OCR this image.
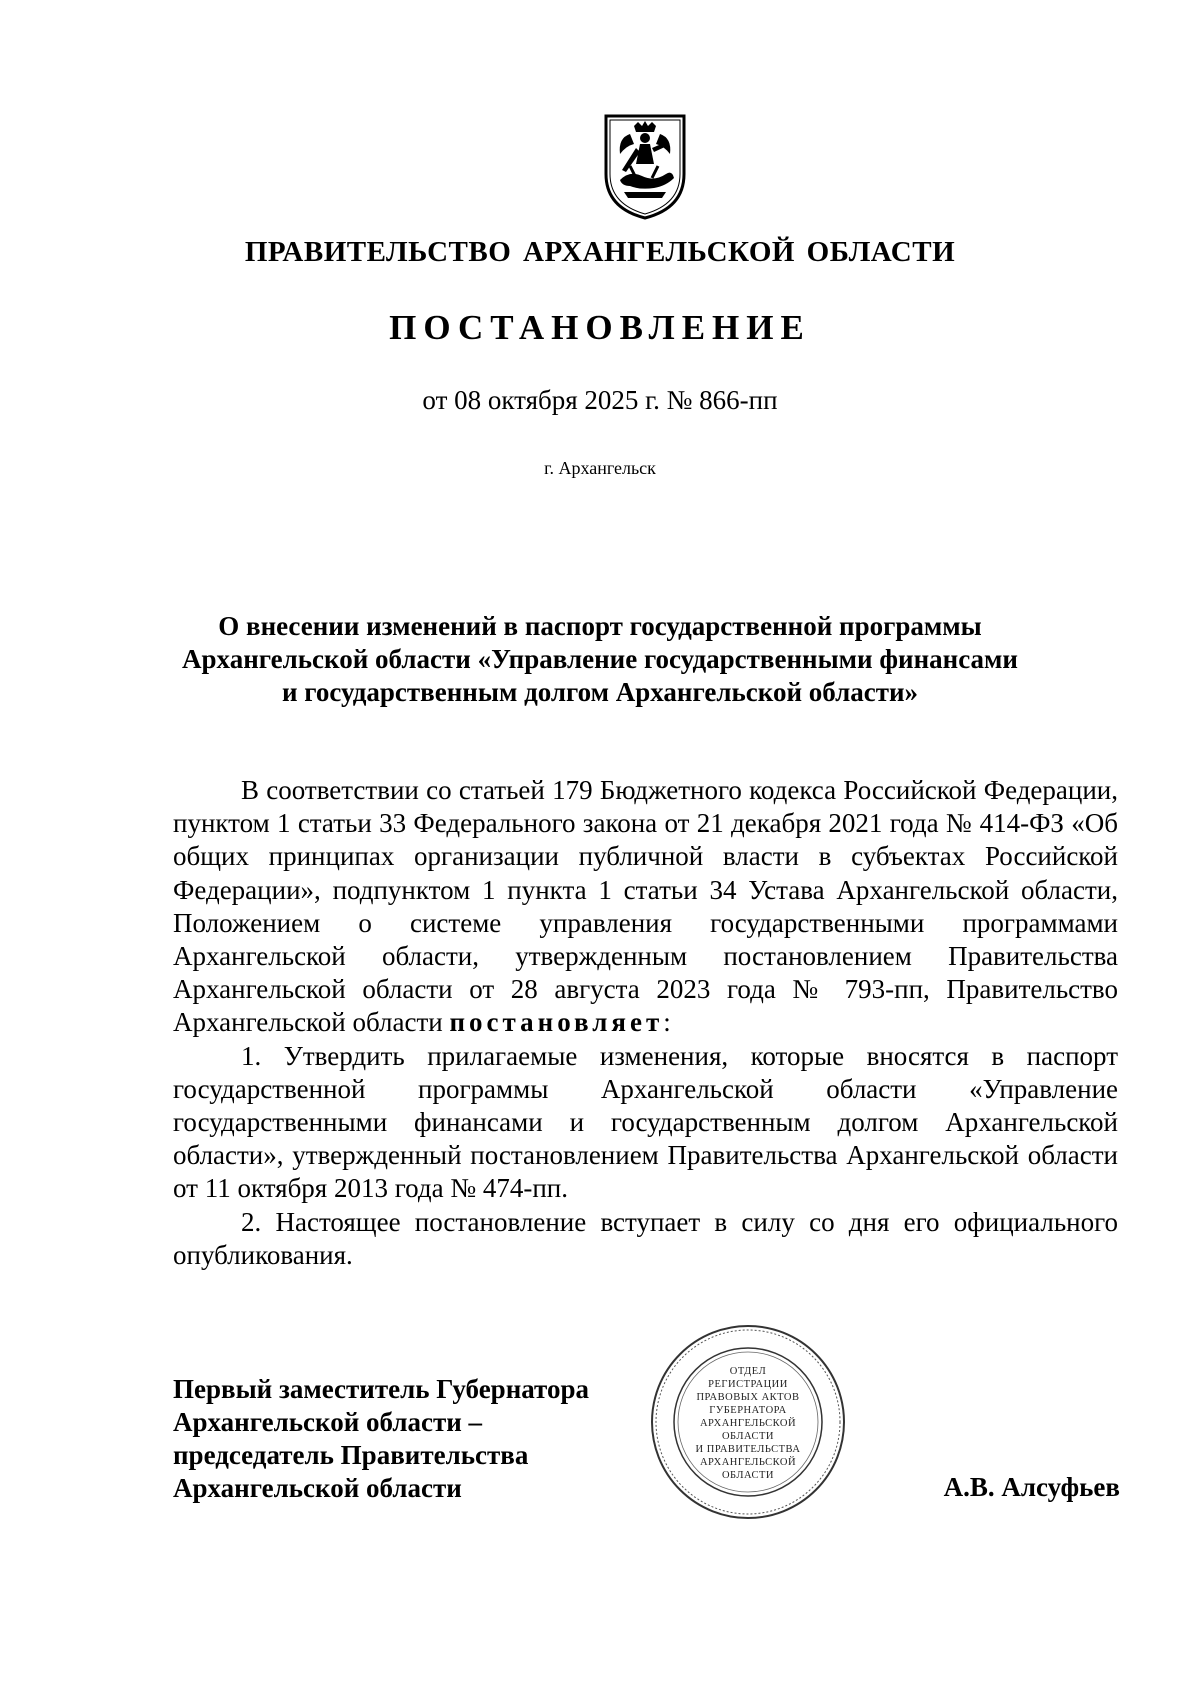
ПРАВИТЕЛЬСТВО АРХАНГЕЛЬСКОЙ ОБЛАСТИ
ПОСТАНОВЛЕНИЕ
от 08 октября 2025 г. № 866-пп
г. Архангельск
О внесении изменений в паспорт государственной программы
Архангельской области «Управление государственными финансами
и государственным долгом Архангельской области»

В соответствии со статьей 179 Бюджетного кодекса Российской Федерации, пунктом 1 статьи 33 Федерального закона от 21 декабря 2021 года № 414-ФЗ «Об общих принципах организации публичной власти в субъектах Российской Федерации», подпунктом 1 пункта 1 статьи 34 Устава Архангельской области, Положением о системе управления государственными программами Архангельской области, утвержденным постановлением Правительства Архангельской области от 28 августа 2023 года № 793-пп, Правительство Архангельской области постановляет:

1. Утвердить прилагаемые изменения, которые вносятся в паспорт государственной программы Архангельской области «Управление государственными финансами и государственным долгом Архангельской области», утвержденный постановлением Правительства Архангельской области от 11 октября 2013 года № 474-пп.

2. Настоящее постановление вступает в силу со дня его официального опубликования.

Первый заместитель Губернатора
Архангельской области –
председатель Правительства
Архангельской области
ОТДЕЛ
РЕГИСТРАЦИИ
ПРАВОВЫХ АКТОВ
ГУБЕРНАТОРА
АРХАНГЕЛЬСКОЙ
ОБЛАСТИ
И ПРАВИТЕЛЬСТВА
АРХАНГЕЛЬСКОЙ
ОБЛАСТИ	А.В. Алсуфьев
